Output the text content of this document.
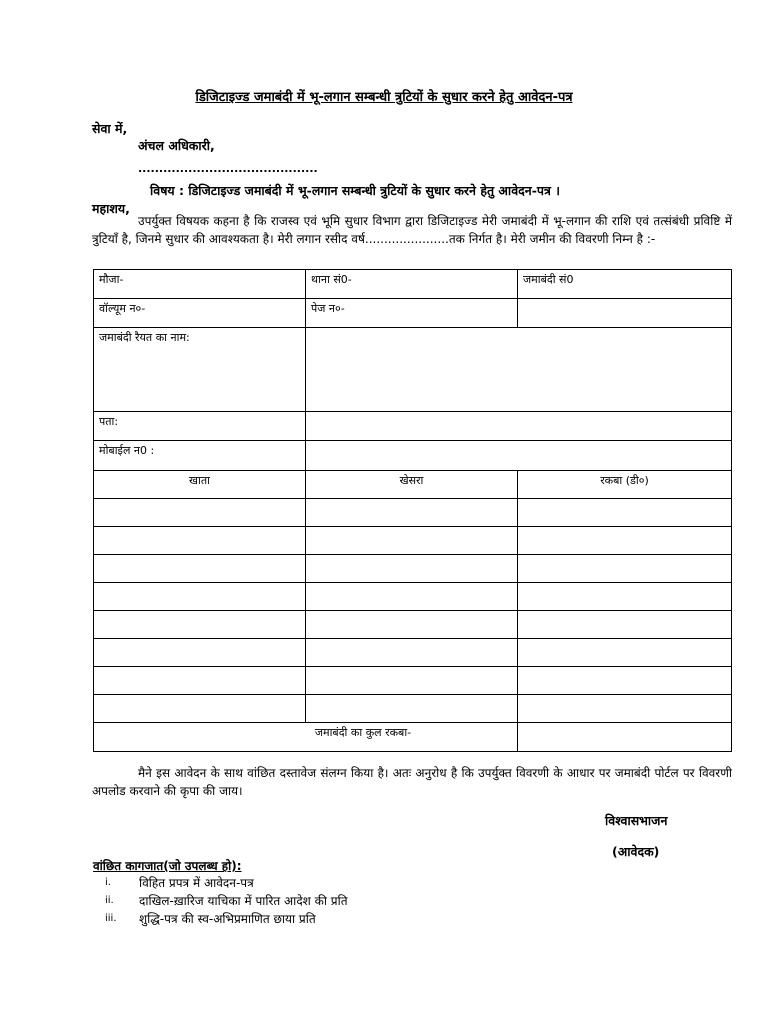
डिजिटाइज्ड जमाबंदी में भू-लगान सम्बन्धी त्रुटियों के सुधार करने हेतु आवेदन-पत्र
सेवा में,
अंचल अधिकारी,
...........................................
विषय : डिजिटाइज्ड जमाबंदी में भू-लगान सम्बन्धी त्रुटियों के सुधार करने हेतु आवेदन-पत्र ।
महाशय,
उपर्युक्त विषयक कहना है कि राजस्व एवं भूमि सुधार विभाग द्वारा डिजिटाइज्ड मेरी जमाबंदी में भू-लगान की राशि एवं तत्संबंधी प्रविष्टि में त्रुटियाँ है, जिनमे सुधार की आवश्यकता है। मेरी लगान रसीद वर्ष......................तक निर्गत है। मेरी जमीन की विवरणी निम्न है :-
मौजा-	थाना सं0-	जमाबंदी सं0
वॉल्यूम न०-	पेज न०-	
जमाबंदी रैयत का नाम:		
पता:		
मोबाईल न0 :		
खाता	खेसरा	रकबा (डी०)

जमाबंदी का कुल रकबा-		
मैने इस आवेदन के साथ वांछित दस्तावेज संलग्न किया है। अतः अनुरोध है कि उपर्युक्त विवरणी के आधार पर जमाबंदी पोर्टल पर विवरणी अपलोड करवाने की कृपा की जाय।
विश्वासभाजन
(आवेदक)
वांछित कागजात(जो उपलब्ध हो):
i.	विहित प्रपत्र में आवेदन-पत्र
ii.	दाखिल-ख़ारिज याचिका में पारित आदेश की प्रति
iii.	शुद्धि-पत्र की स्व-अभिप्रमाणित छाया प्रति
